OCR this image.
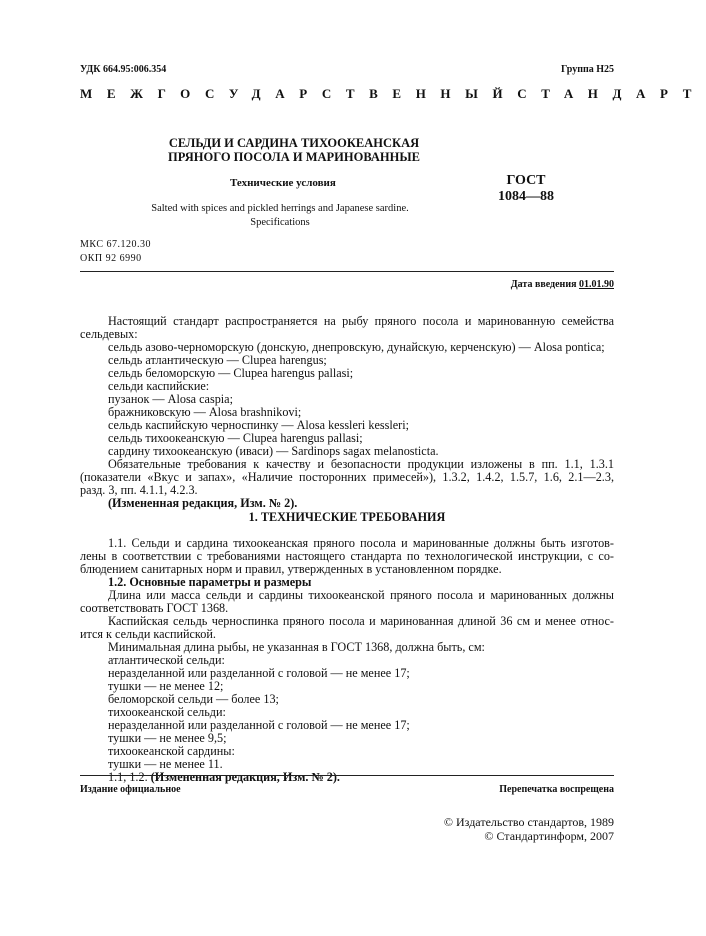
УДК 664.95:006.354	Группа Н25
МЕЖГОСУДАРСТВЕННЫЙ СТАНДАРТ
СЕЛЬДИ И САРДИНА ТИХООКЕАНСКАЯ
ПРЯНОГО ПОСОЛА И МАРИНОВАННЫЕ
Технические условия
Salted with spices and pickled herrings and Japanese sardine.
Specifications
ГОСТ
1084—88
МКС 67.120.30
ОКП 92 6990
Дата введения 01.01.90
Настоящий стандарт распространяется на рыбу пряного посола и маринованную семейства
сельдевых:
сельдь азово-черноморскую (донскую, днепровскую, дунайскую, керченскую) — Alosa pontica;
сельдь атлантическую — Clupea harengus;
сельдь беломорскую — Clupea harengus pallasi;
сельди каспийские:
пузанок — Alosa caspia;
бражниковскую — Alosa brashnikovi;
сельдь каспийскую черноспинку — Alosa kessleri kessleri;
сельдь тихоокеанскую — Clupea harengus pallasi;
сардину тихоокеанскую (иваси) — Sardinops sagax melanosticta.
Обязательные требования к качеству и безопасности продукции изложены в пп. 1.1, 1.3.1
(показатели «Вкус и запах», «Наличие посторонних примесей»), 1.3.2, 1.4.2, 1.5.7, 1.6, 2.1—2.3,
разд. 3, пп. 4.1.1, 4.2.3.
(Измененная редакция, Изм. № 2).
1. ТЕХНИЧЕСКИЕ ТРЕБОВАНИЯ
1.1. Сельди и сардина тихоокеанская пряного посола и маринованные должны быть изготов-
лены в соответствии с требованиями настоящего стандарта по технологической инструкции, с со-
блюдением санитарных норм и правил, утвержденных в установленном порядке.
1.2. Основные параметры и размеры
Длина или масса сельди и сардины тихоокеанской пряного посола и маринованных должны
соответствовать ГОСТ 1368.
Каспийская сельдь черноспинка пряного посола и маринованная длиной 36 см и менее относ-
ится к сельди каспийской.
Минимальная длина рыбы, не указанная в ГОСТ 1368, должна быть, см:
атлантической сельди:
неразделанной или разделанной с головой — не менее 17;
тушки — не менее 12;
беломорской сельди — более 13;
тихоокеанской сельди:
неразделанной или разделанной с головой — не менее 17;
тушки — не менее 9,5;
тихоокеанской сардины:
тушки — не менее 11.
1.1, 1.2. (Измененная редакция, Изм. № 2).
Издание официальное	Перепечатка воспрещена
© Издательство стандартов, 1989
© Стандартинформ, 2007
